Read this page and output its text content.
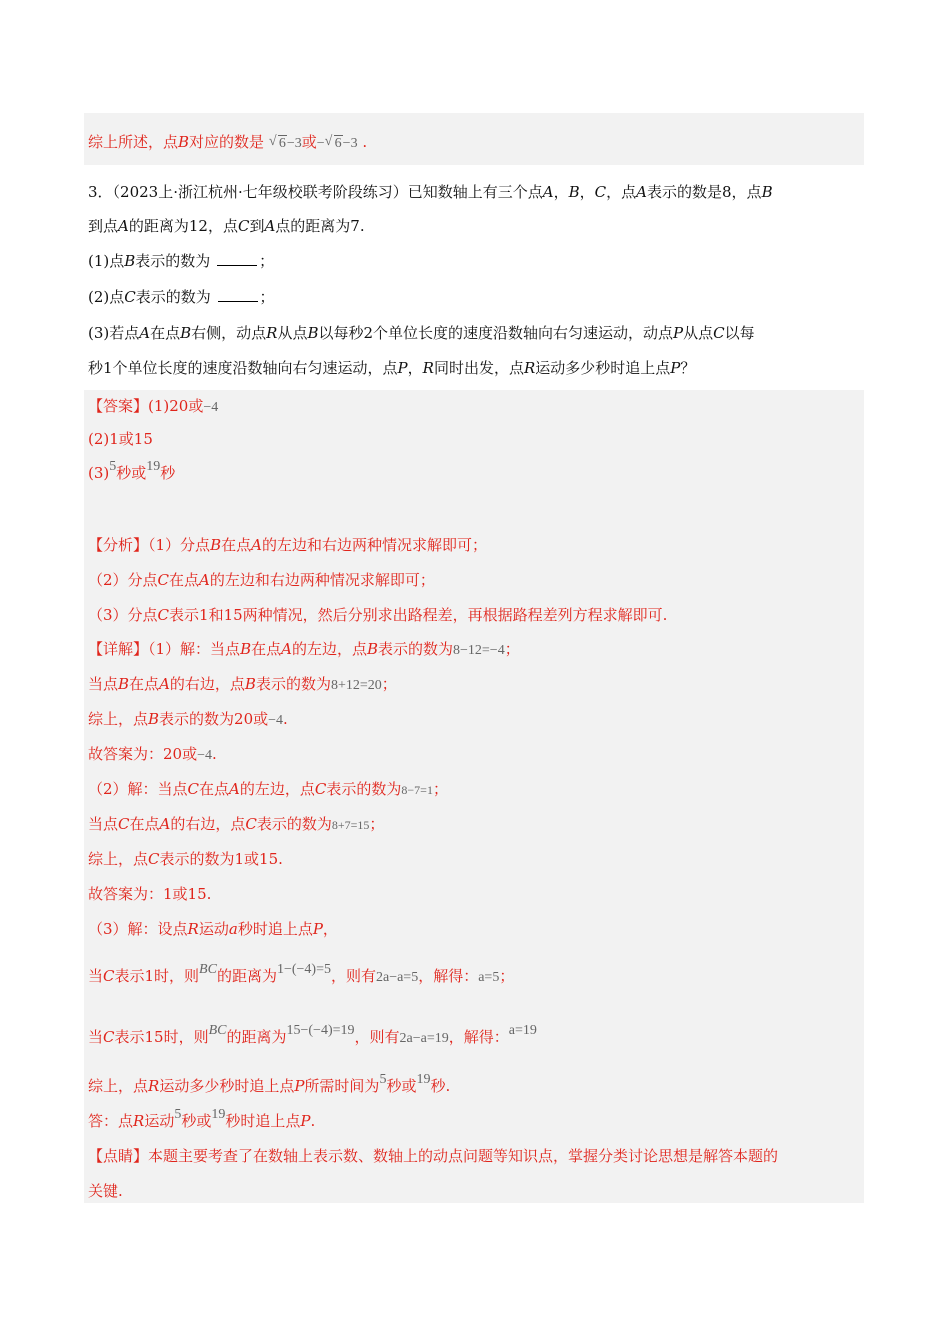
综上所述，点B对应的数是 √ 6−3或− √ 6−3 .
3．（2023上·浙江杭州·七年级校联考阶段练习）已知数轴上有三个点A，B，C，点A表示的数是8，点B
到点A的距离为12，点C到A点的距离为7.
(1)点B表示的数为	；
(2)点C表示的数为	；
(3)若点A在点B右侧，动点R从点B以每秒2个单位长度的速度沿数轴向右匀速运动，动点P从点C以每
秒1个单位长度的速度沿数轴向右匀速运动，点P，R同时出发，点R运动多少秒时追上点P？
【答案】(1)20或−4
(2)1或15
(3)5秒或19秒
【分析】（1）分点B在点A的左边和右边两种情况求解即可；
（2）分点C在点A的左边和右边两种情况求解即可；
（3）分点C表示1和15两种情况，然后分别求出路程差，再根据路程差列方程求解即可.
【详解】（1）解：当点B在点A的左边，点B表示的数为8−12=−4；
当点B在点A的右边，点B表示的数为8+12=20；
综上，点B表示的数为20或−4.
故答案为：20或−4.
（2）解：当点C在点A的左边，点C表示的数为8−7=1；
当点C在点A的右边，点C表示的数为8+7=15；
综上，点C表示的数为1或15.
故答案为：1或15.
（3）解：设点R运动a秒时追上点P，
当C表示1时，则BC的距离为1−(−4)=5，则有2a−a=5，解得：a=5；
当C表示15时，则BC的距离为15−(−4)=19，则有2a−a=19，解得：a=19
综上，点R运动多少秒时追上点P所需时间为5秒或19秒.
答：点R运动5秒或19秒时追上点P.
【点睛】本题主要考查了在数轴上表示数、数轴上的动点问题等知识点，掌握分类讨论思想是解答本题的
关键.
